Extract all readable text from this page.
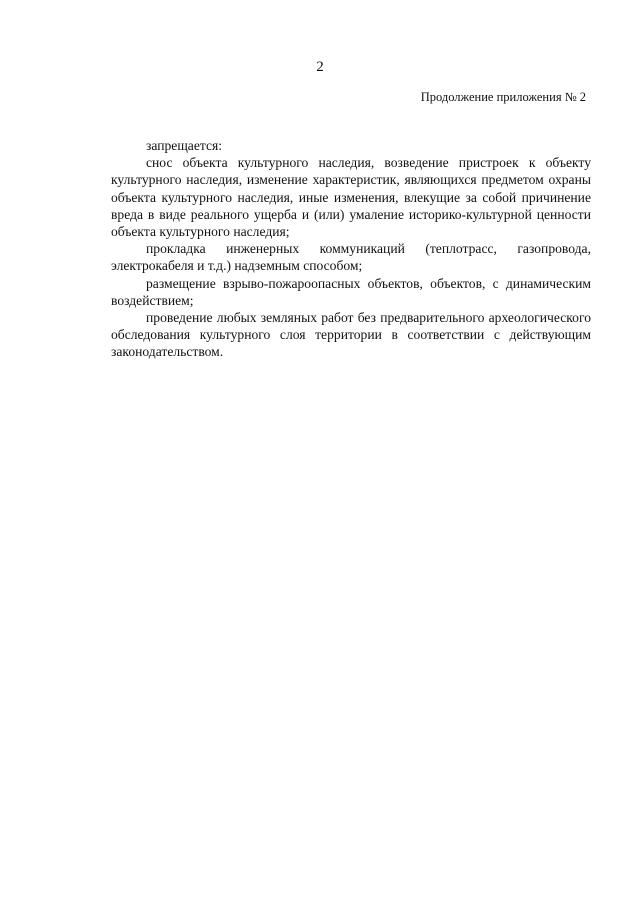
2
Продолжение приложения № 2

запрещается:

снос объекта культурного наследия, возведение пристроек к объекту культурного наследия, изменение характеристик, являющихся предметом охраны объекта культурного наследия, иные изменения, влекущие за собой причинение вреда в виде реального ущерба и (или) умаление историко-культурной ценности объекта культурного наследия;

прокладка инженерных коммуникаций (теплотрасс, газопровода, электрокабеля и т.д.) надземным способом;

размещение взрыво-пожароопасных объектов, объектов, с динамическим воздействием;

проведение любых земляных работ без предварительного археологического обследования культурного слоя территории в соответствии с действующим законодательством.
